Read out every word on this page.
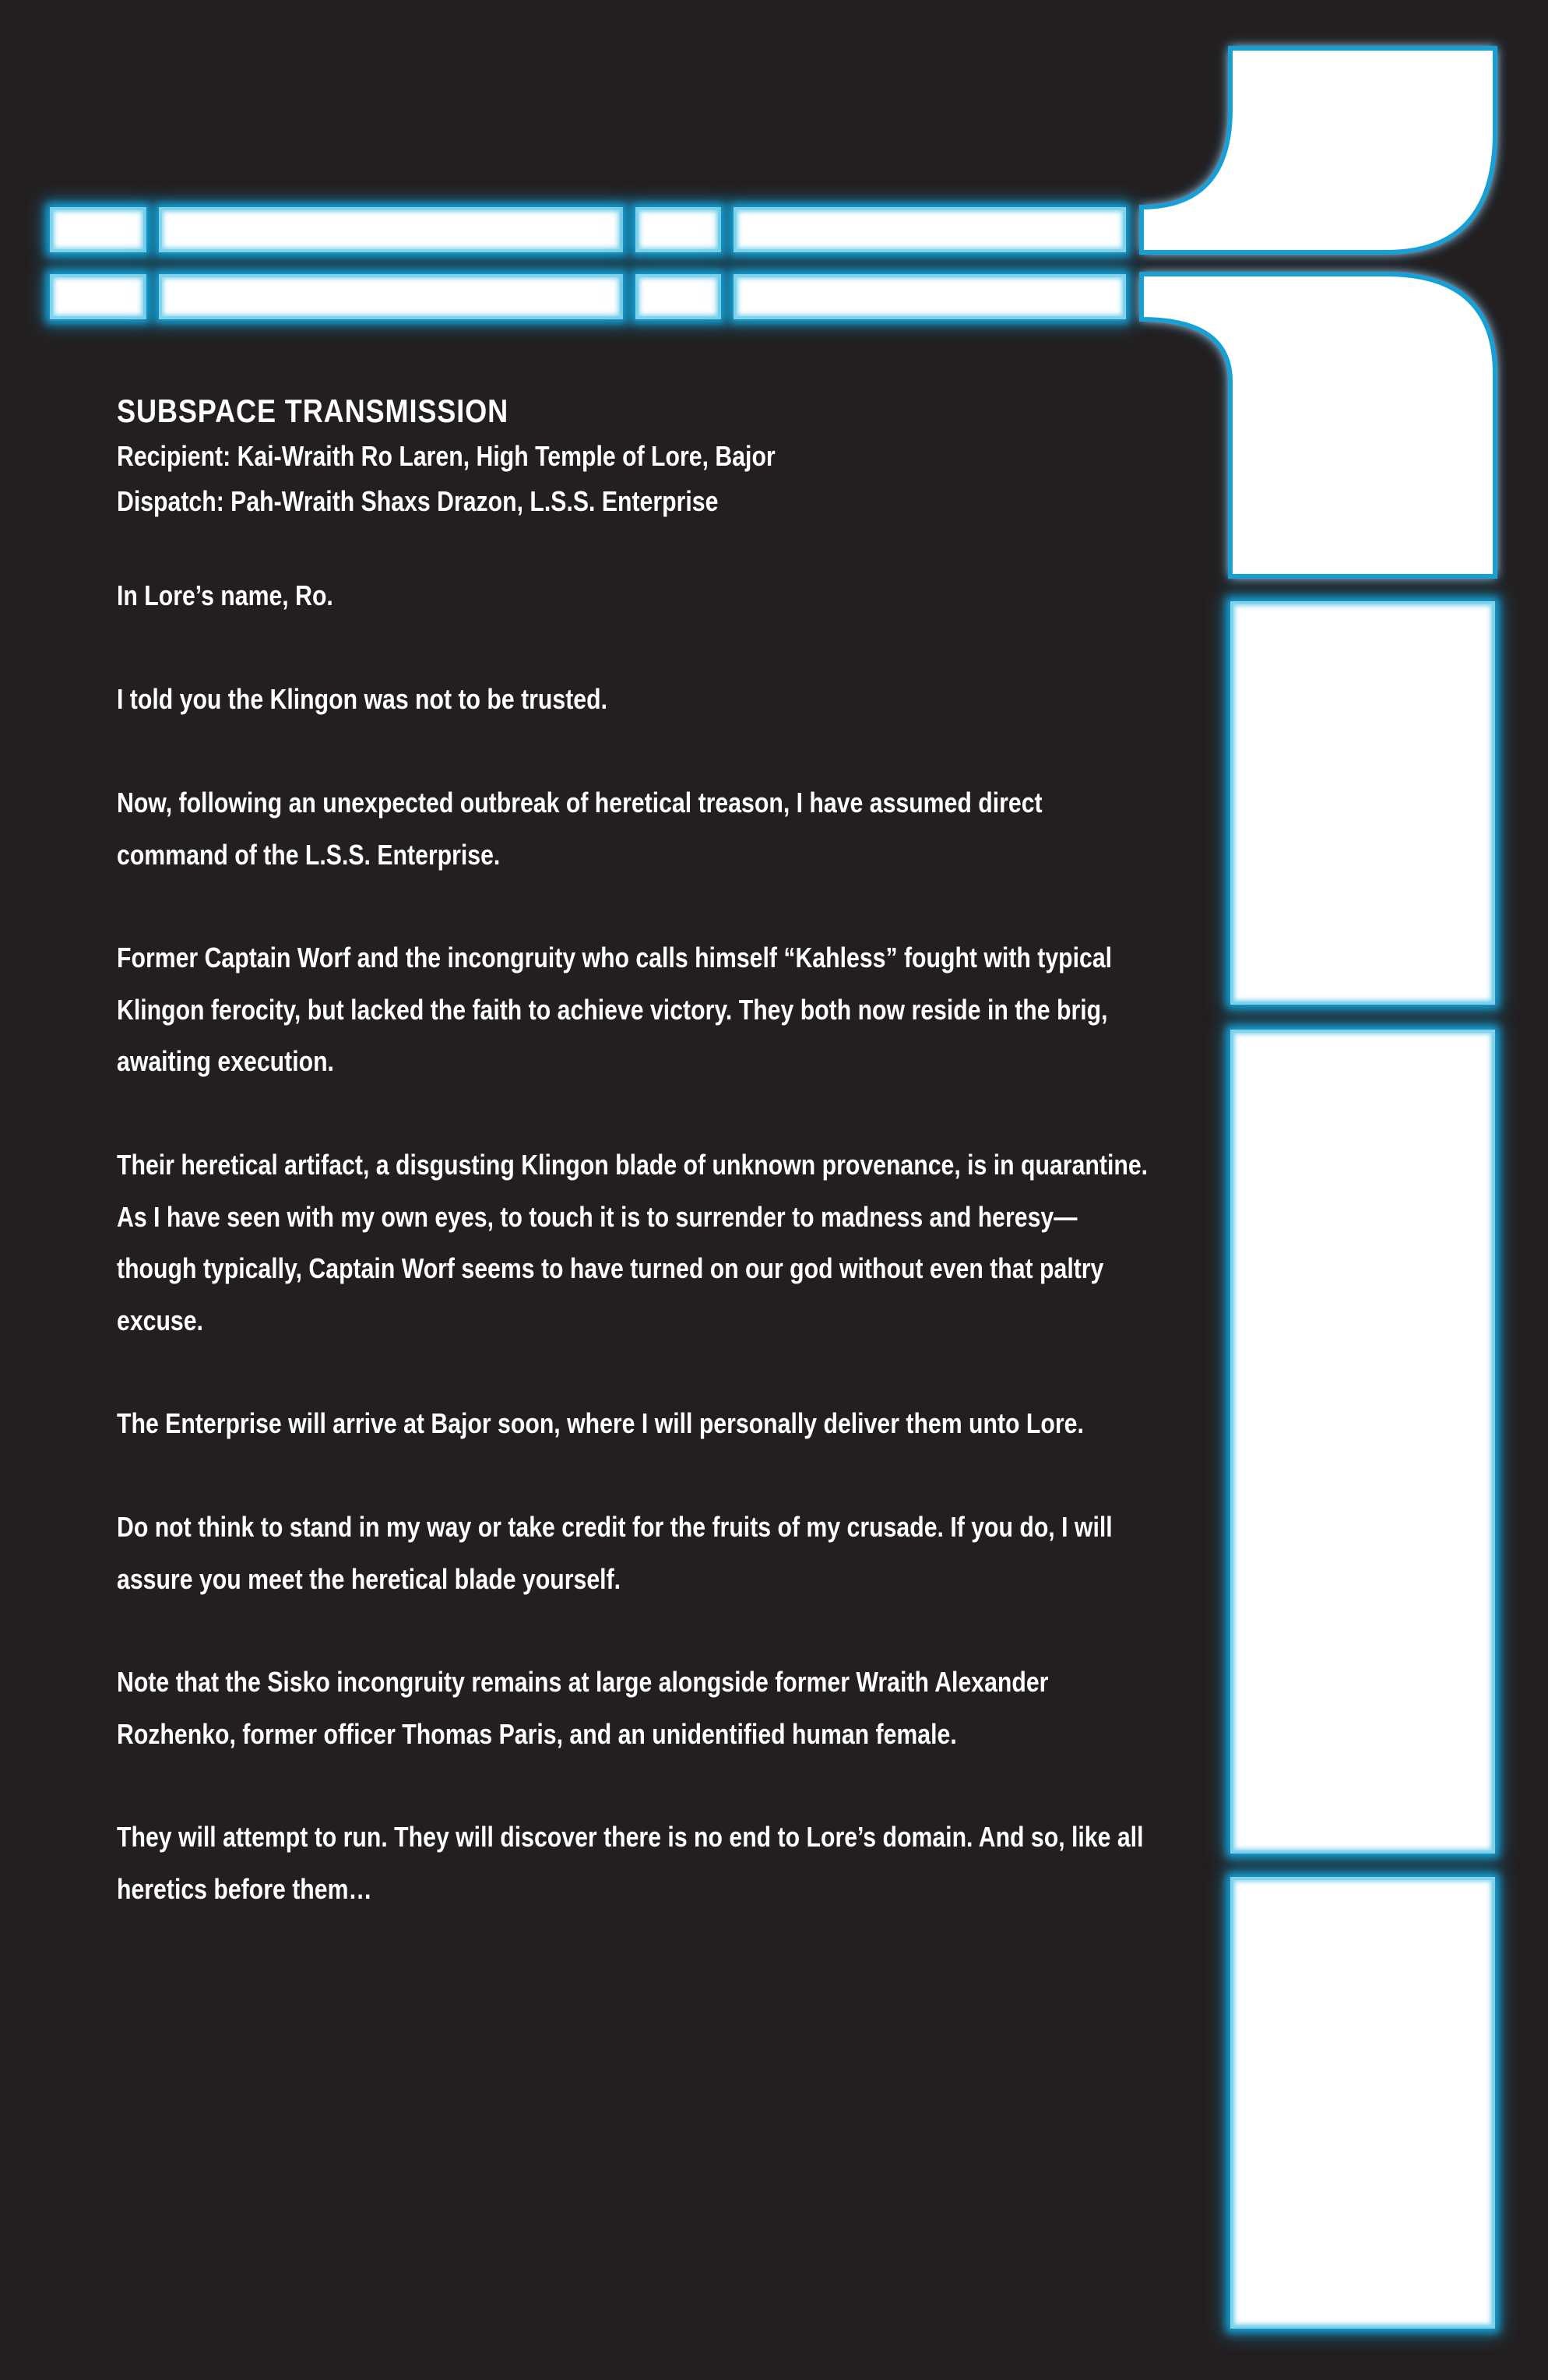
SUBSPACE TRANSMISSION

Recipient: Kai-Wraith Ro Laren, High Temple of Lore, Bajor

Dispatch: Pah-Wraith Shaxs Drazon, L.S.S. Enterprise

In Lore’s name, Ro.

I told you the Klingon was not to be trusted.

Now, following an unexpected outbreak of heretical treason, I have assumed direct command of the L.S.S. Enterprise.

Former Captain Worf and the incongruity who calls himself “Kahless” fought with typical Klingon ferocity, but lacked the faith to achieve victory. They both now reside in the brig, awaiting execution.

Their heretical artifact, a disgusting Klingon blade of unknown provenance, is in quarantine. As I have seen with my own eyes, to touch it is to surrender to madness and heresy—though typically, Captain Worf seems to have turned on our god without even that paltry excuse.

The Enterprise will arrive at Bajor soon, where I will personally deliver them unto Lore.

Do not think to stand in my way or take credit for the fruits of my crusade. If you do, I will assure you meet the heretical blade yourself.

Note that the Sisko incongruity remains at large alongside former Wraith Alexander Rozhenko, former officer Thomas Paris, and an unidentified human female.

They will attempt to run. They will discover there is no end to Lore’s domain. And so, like all heretics before them…
